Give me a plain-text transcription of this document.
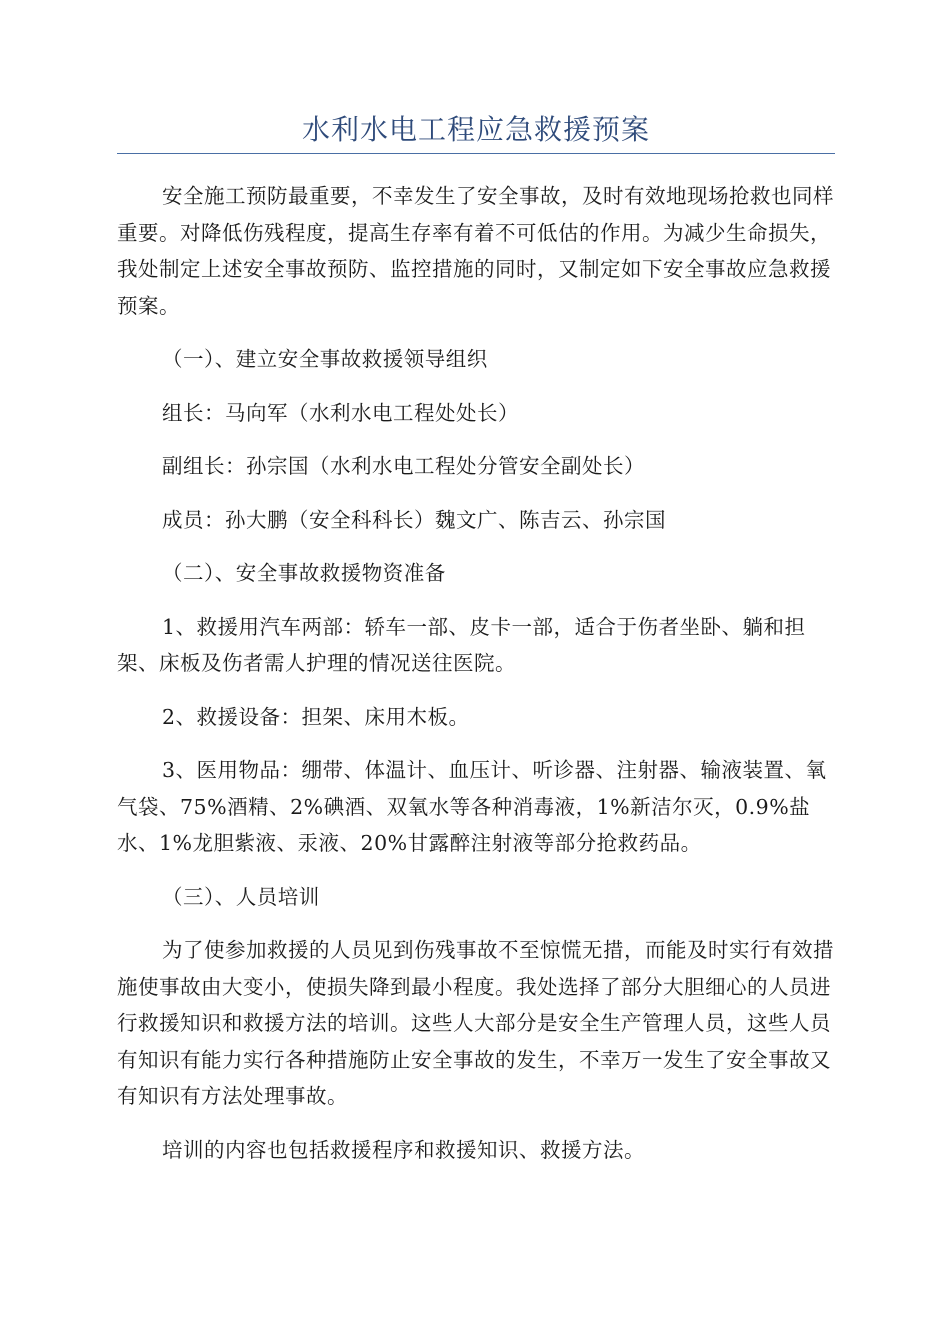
水利水电工程应急救援预案

安全施工预防最重要，不幸发生了安全事故，及时有效地现场抢救也同样重要。对降低伤残程度，提高生存率有着不可低估的作用。为减少生命损失，我处制定上述安全事故预防、监控措施的同时，又制定如下安全事故应急救援预案。

（一）、建立安全事故救援领导组织

组长：马向军（水利水电工程处处长）

副组长：孙宗国（水利水电工程处分管安全副处长）

成员：孙大鹏（安全科科长）魏文广、陈吉云、孙宗国

（二）、安全事故救援物资准备

1、救援用汽车两部：轿车一部、皮卡一部，适合于伤者坐卧、躺和担架、床板及伤者需人护理的情况送往医院。

2、救援设备：担架、床用木板。

3、医用物品：绷带、体温计、血压计、听诊器、注射器、输液装置、氧气袋、75%酒精、2%碘酒、双氧水等各种消毒液，1%新洁尔灭，0.9%盐水、1%龙胆紫液、汞液、20%甘露醉注射液等部分抢救药品。

（三）、人员培训

为了使参加救援的人员见到伤残事故不至惊慌无措，而能及时实行有效措施使事故由大变小，使损失降到最小程度。我处选择了部分大胆细心的人员进行救援知识和救援方法的培训。这些人大部分是安全生产管理人员，这些人员有知识有能力实行各种措施防止安全事故的发生，不幸万一发生了安全事故又有知识有方法处理事故。

培训的内容也包括救援程序和救援知识、救援方法。
